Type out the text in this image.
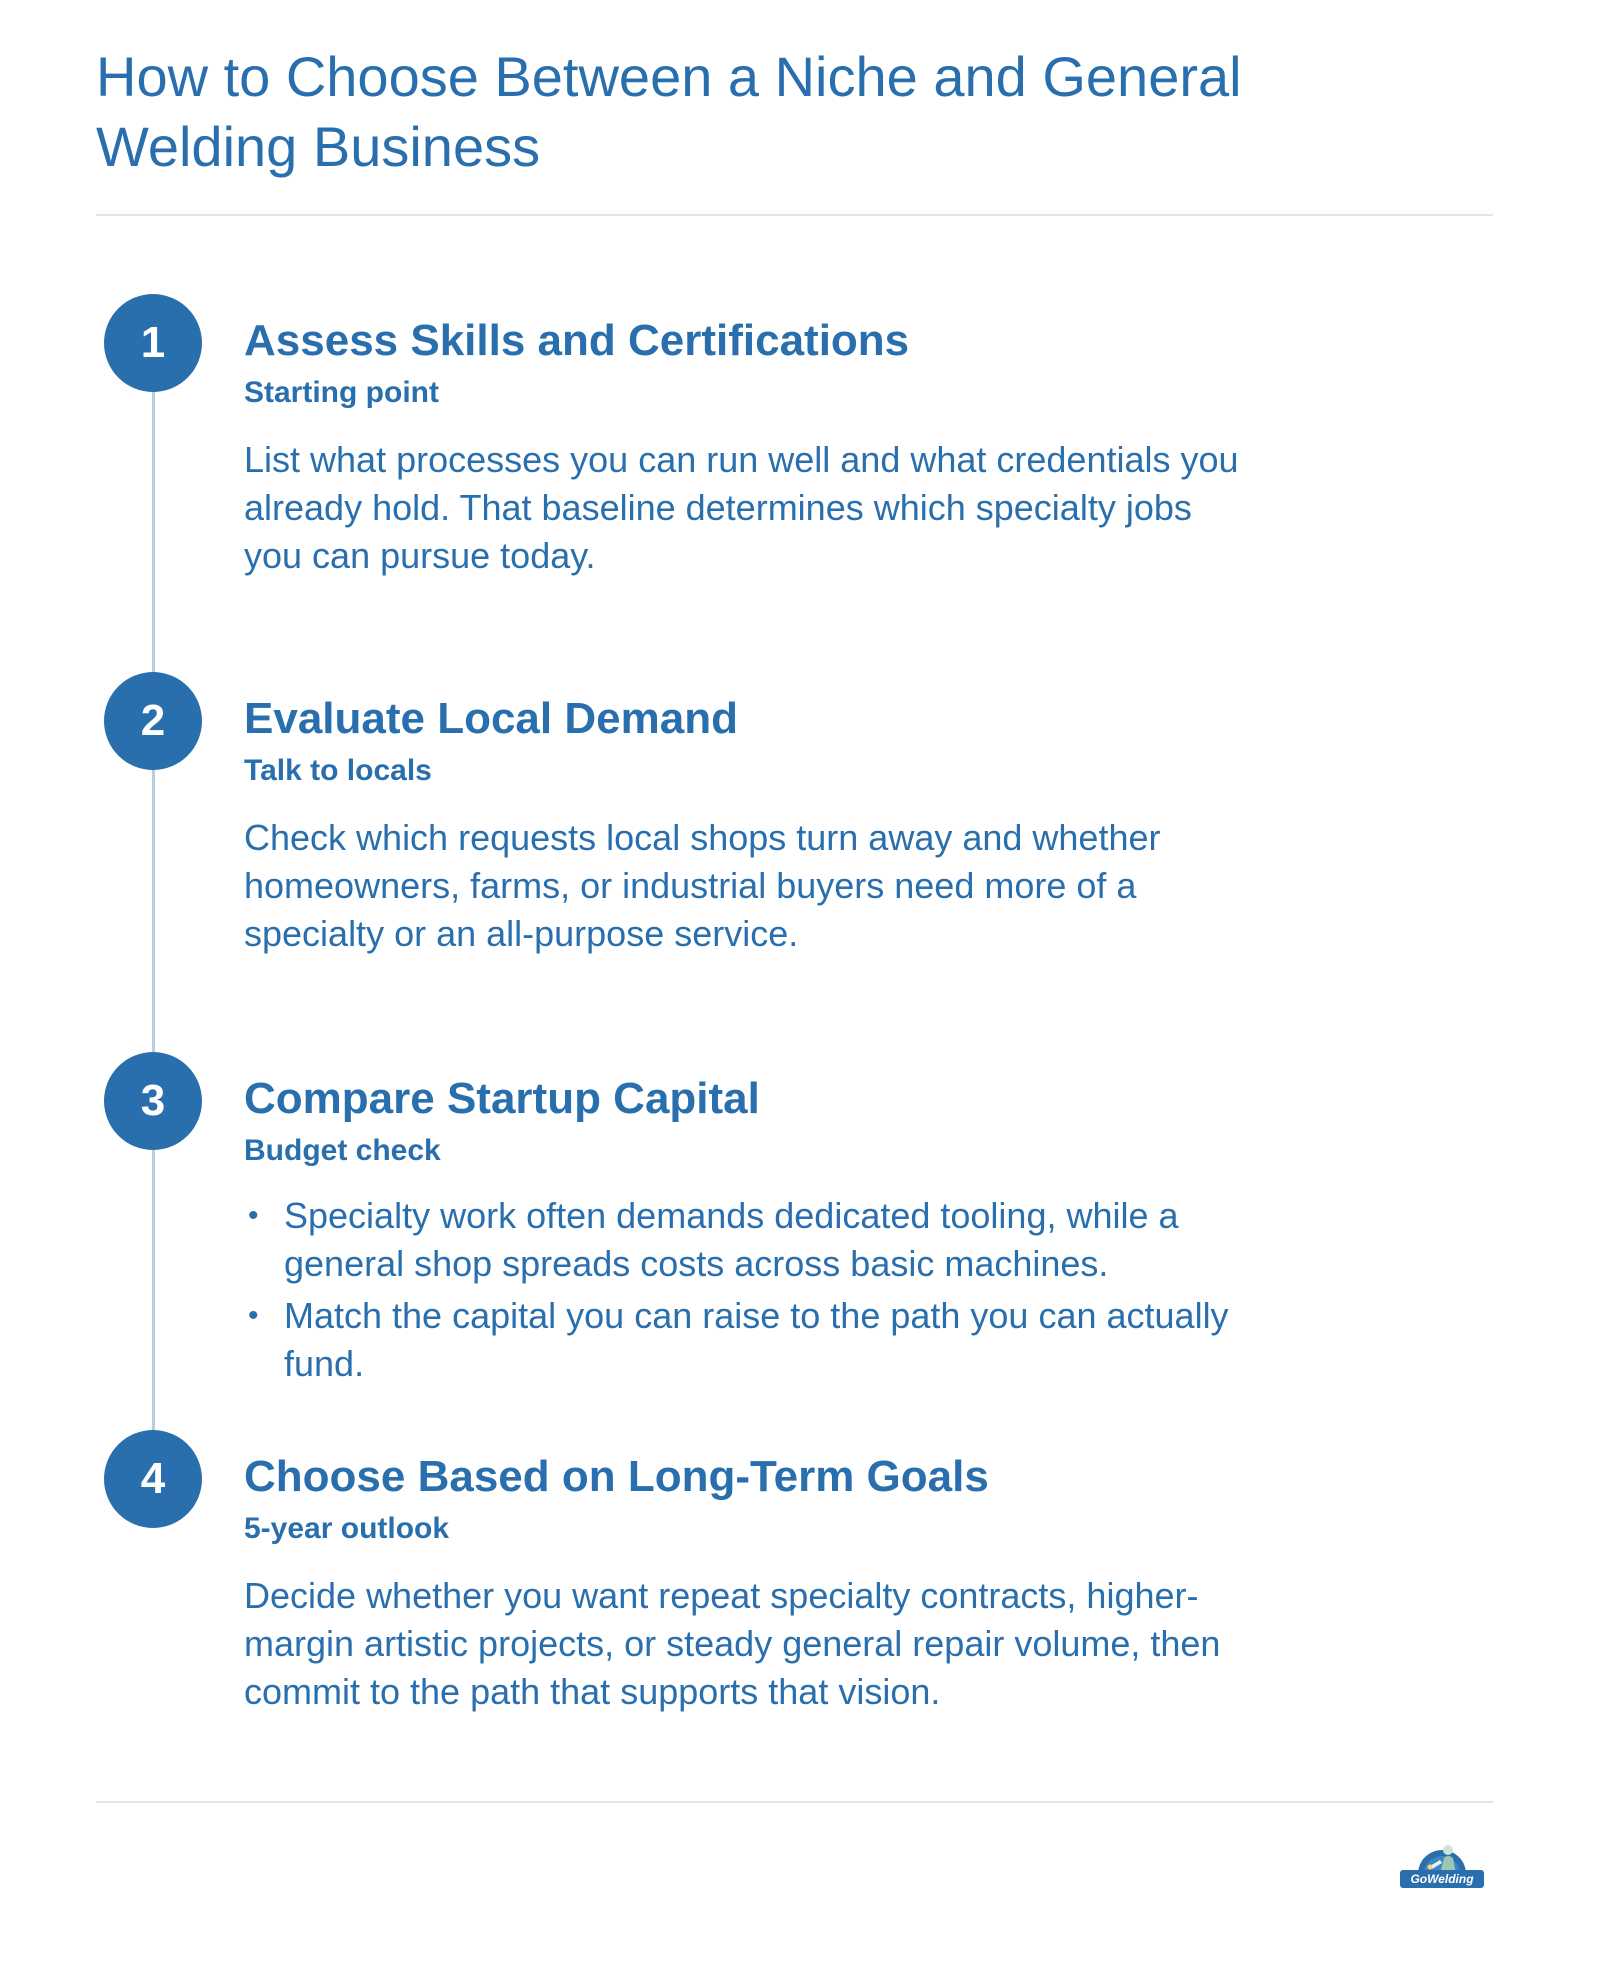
How to Choose Between a Niche and General Welding Business
1	Assess Skills and Certifications

Starting point

List what processes you can run well and what credentials you already hold. That baseline determines which specialty jobs you can pursue today.

2	Evaluate Local Demand

Talk to locals

Check which requests local shops turn away and whether homeowners, farms, or industrial buyers need more of a specialty or an all-purpose service.

3	Compare Startup Capital

Budget check

• Specialty work often demands dedicated tooling, while a general shop spreads costs across basic machines.
• Match the capital you can raise to the path you can actually fund.
4	Choose Based on Long-Term Goals

5-year outlook

Decide whether you want repeat specialty contracts, higher-margin artistic projects, or steady general repair volume, then commit to the path that supports that vision.

GoWelding
